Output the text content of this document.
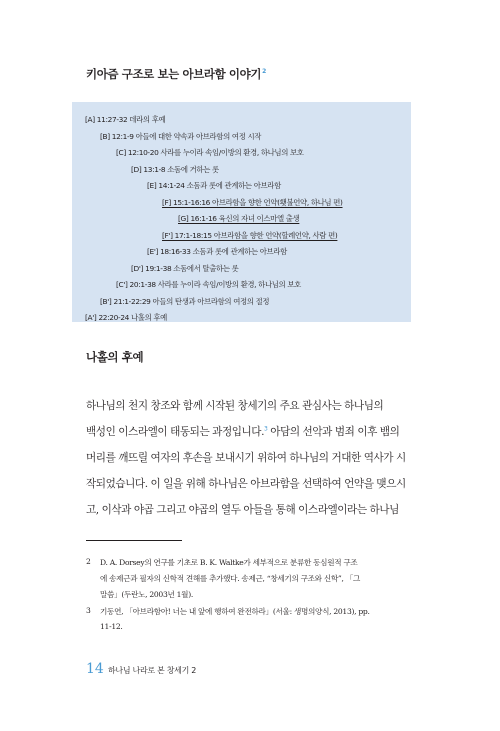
키아즘 구조로 보는 아브라함 이야기$^2$
[A] 11:27-32 데라의 후예
[B] 12:1-9 아들에 대한 약속과 아브라함의 여정 시작
[C] 12:10-20 사라를 누이라 속임/이방의 환경, 하나님의 보호
[D] 13:1-8 소돔에 거하는 롯
[E] 14:1-24 소돔과 롯에 관계하는 아브라함
[F] 15:1-16:16 아브라함을 향한 언약(횃불언약, 하나님 편)
[G] 16:1-16 육신의 자녀 이스마엘 출생
[F'] 17:1-18:15 아브라함을 향한 언약(할례언약, 사람 편)
[E'] 18:16-33 소돔과 롯에 관계하는 아브라함
[D'] 19:1-38 소돔에서 탈출하는 롯
[C'] 20:1-38 사라를 누이라 속임/이방의 환경, 하나님의 보호
[B'] 21:1-22:29 아들의 탄생과 아브라함의 여정의 절정
[A'] 22:20-24 나홀의 후예
나홀의 후예
하나님의 천지 창조와 함께 시작된 창세기의 주요 관심사는 하나님의
백성인 이스라엘이 태동되는 과정입니다.$^3$ 아담의 선악과 범죄 이후 뱀의
머리를 깨뜨릴 여자의 후손을 보내시기 위하여 하나님의 거대한 역사가 시
작되었습니다. 이 일을 위해 하나님은 아브라함을 선택하여 언약을 맺으시
고, 이삭과 야곱 그리고 야곱의 열두 아들을 통해 이스라엘이라는 하나님
2 D. A. Dorsey의 연구를 기초로 B. K. Waltke가 세부적으로 분류한 동심원적 구조
에 송제근과 필자의 신학적 견해를 추가했다. 송제근, “창세기의 구조와 신학”, 「그
말씀」(두란노, 2003년 1월).
3 기동연, 「아브라함아! 너는 내 앞에 행하여 완전하라」(서울: 생명의양식, 2013), pp.
11-12.
14 하나님 나라로 본 창세기 2
